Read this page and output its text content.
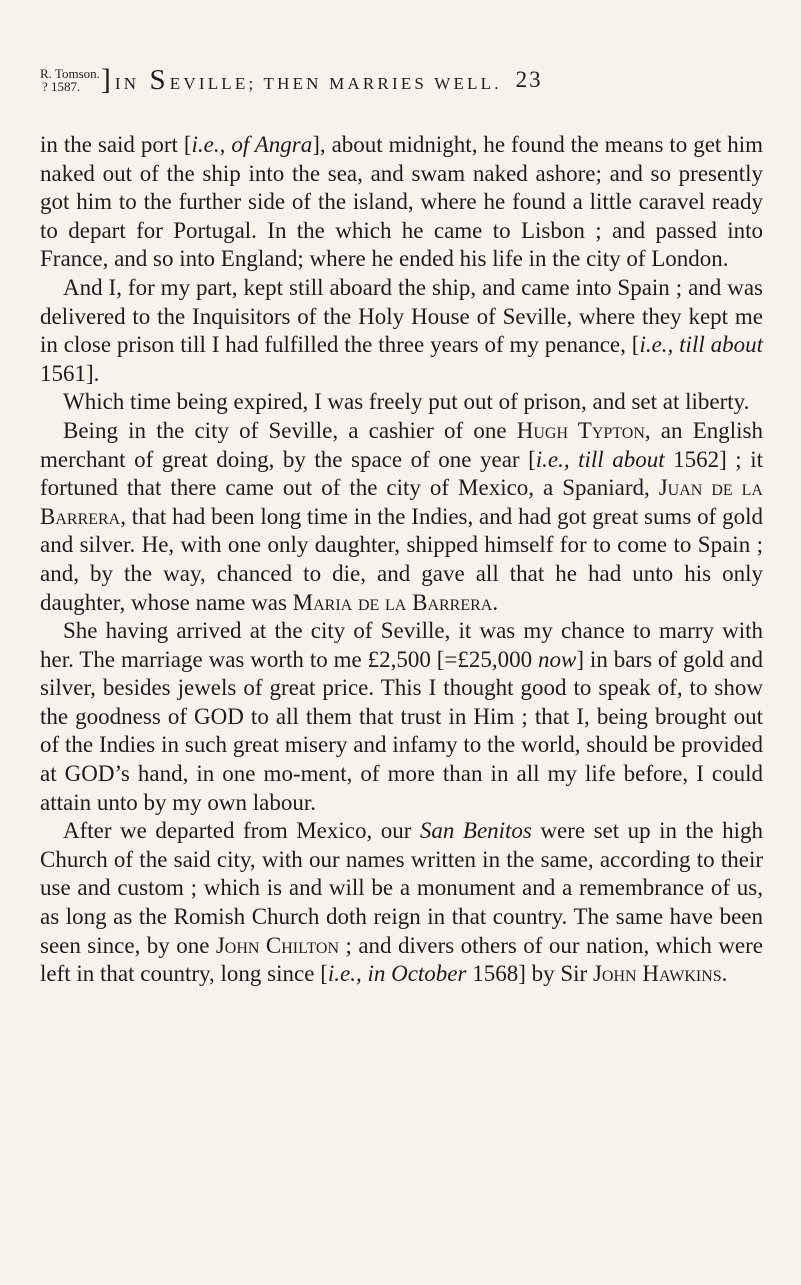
R. Tomson.
? 1587. ] IN SEVILLE; THEN MARRIES WELL. 23

in the said port [i.e., of Angra], about midnight, he found the means to get him naked out of the ship into the sea, and swam naked ashore; and so presently got him to the further side of the island, where he found a little caravel ready to depart for Portugal. In the which he came to Lisbon ; and passed into France, and so into England; where he ended his life in the city of London.

And I, for my part, kept still aboard the ship, and came into Spain ; and was delivered to the Inquisitors of the Holy House of Seville, where they kept me in close prison till I had fulfilled the three years of my penance, [i.e., till about 1561].

Which time being expired, I was freely put out of prison, and set at liberty.

Being in the city of Seville, a cashier of one Hugh Typton, an English merchant of great doing, by the space of one year [i.e., till about 1562] ; it fortuned that there came out of the city of Mexico, a Spaniard, Juan de la Barrera, that had been long time in the Indies, and had got great sums of gold and silver. He, with one only daughter, shipped himself for to come to Spain ; and, by the way, chanced to die, and gave all that he had unto his only daughter, whose name was Maria de la Barrera.

She having arrived at the city of Seville, it was my chance to marry with her. The marriage was worth to me £2,500 [=£25,000 now] in bars of gold and silver, besides jewels of great price. This I thought good to speak of, to show the goodness of GOD to all them that trust in Him ; that I, being brought out of the Indies in such great misery and infamy to the world, should be provided at GOD’s hand, in one mo-ment, of more than in all my life before, I could attain unto by my own labour.

After we departed from Mexico, our San Benitos were set up in the high Church of the said city, with our names written in the same, according to their use and custom ; which is and will be a monument and a remembrance of us, as long as the Romish Church doth reign in that country. The same have been seen since, by one John Chilton ; and divers others of our nation, which were left in that country, long since [i.e., in October 1568] by Sir John Hawkins.
